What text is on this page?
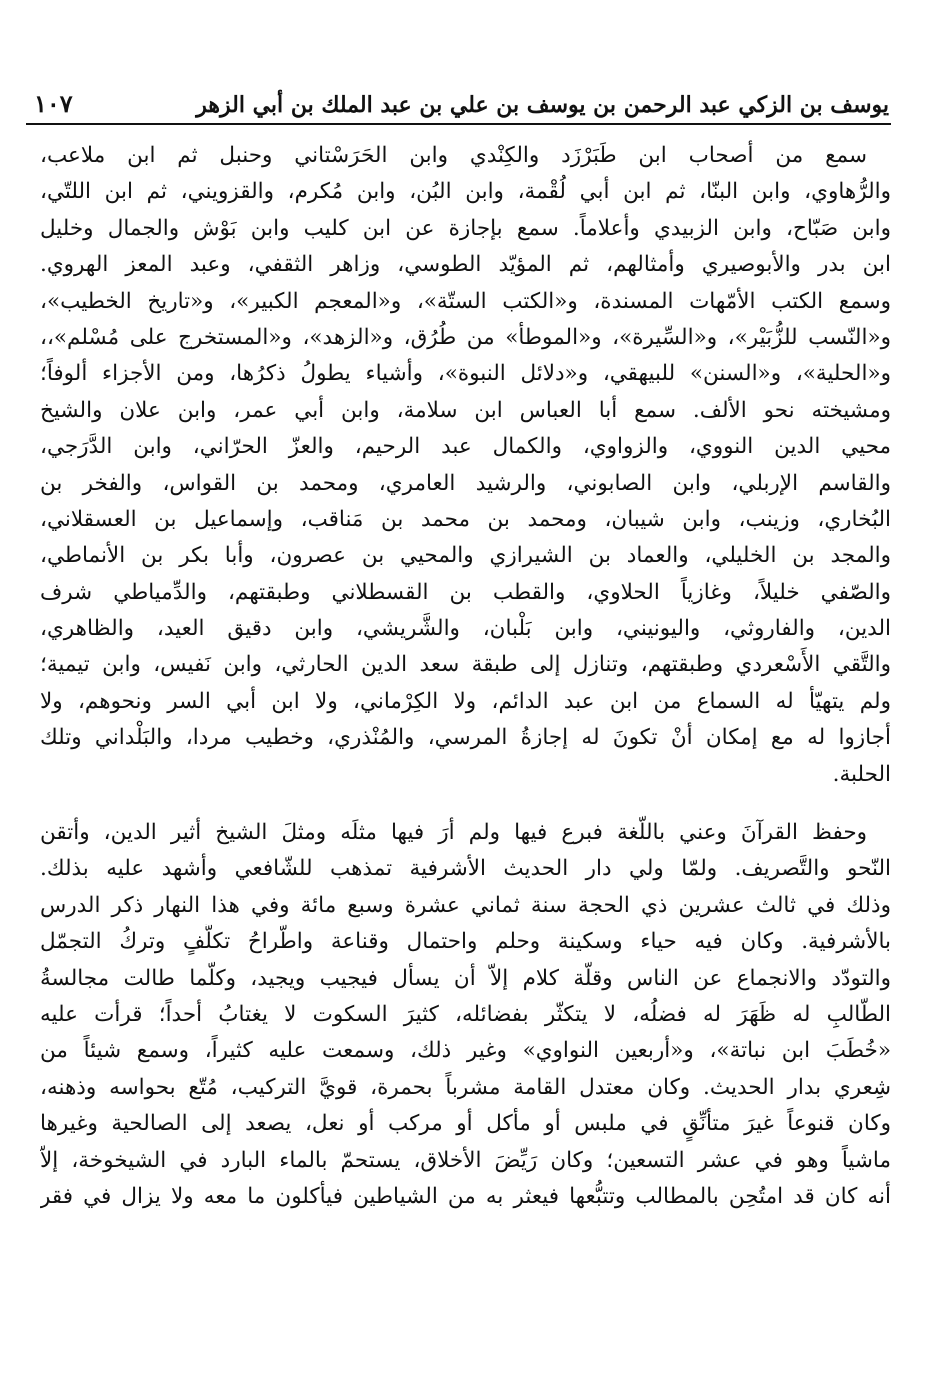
يوسف بن الزكي عبد الرحمن بن يوسف بن علي بن عبد الملك بن أبي الزهر
١٠٧
سمع من أصحاب ابن طَبَرْزَد والكِنْدي وابن الحَرَسْتاني وحنبل ثم ابن ملاعب،
والرُّهاوي، وابن البنّا، ثم ابن أبي لُقْمة، وابن البُن، وابن مُكرم، والقزويني، ثم ابن اللتّي،
وابن صَبّاح، وابن الزبيدي وأعلاماً. سمع بإجازة عن ابن كليب وابن بَوْش والجمال وخليل
ابن بدر والأبوصيري وأمثالهم، ثم المؤيّد الطوسي، وزاهر الثقفي، وعبد المعز الهروي.
وسمع الكتب الأمّهات المسندة، و«الكتب الستّة»، و«المعجم الكبير»، و«تاريخ الخطيب»،
و«النّسب للزُّبَيْر»، و«السِّيرة»، و«الموطأ» من طُرُق، و«الزهد»، و«المستخرج على مُسْلم»،،
و«الحلية»، و«السنن» للبيهقي، و«دلائل النبوة»، وأشياء يطولُ ذكرُها، ومن الأجزاء ألوفاً؛
ومشيخته نحو الألف. سمع أبا العباس ابن سلامة، وابن أبي عمر، وابن علان والشيخ
محيي الدين النووي، والزواوي، والكمال عبد الرحيم، والعزّ الحرّاني، وابن الدَّرَجي،
والقاسم الإربلي، وابن الصابوني، والرشيد العامري، ومحمد بن القواس، والفخر بن
البُخاري، وزينب، وابن شيبان، ومحمد بن محمد بن مَناقب، وإسماعيل بن العسقلاني،
والمجد بن الخليلي، والعماد بن الشيرازي والمحيي بن عصرون، وأبا بكر بن الأنماطي،
والصّفي خليلاً، وغازياً الحلاوي، والقطب بن القسطلاني وطبقتهم، والدِّمياطي شرف
الدين، والفاروثي، واليونيني، وابن بَلْبان، والشَّريشي، وابن دقيق العيد، والظاهري،
والتَّقي الأَسْعردي وطبقتهم، وتنازل إلى طبقة سعد الدين الحارثي، وابن نَفيس، وابن تيمية؛
ولم يتهيّأ له السماع من ابن عبد الدائم، ولا الكِرْماني، ولا ابن أبي السر ونحوهم، ولا
أجازوا له مع إمكان أنْ تكونَ له إجازةُ المرسي، والمُنْذري، وخطيب مردا، والبَلْداني وتلك
الحلبة.
وحفظ القرآنَ وعني باللّغة فبرع فيها ولم أرَ فيها مثلَه ومثلَ الشيخ أثير الدين، وأتقن
النّحو والتَّصريف. ولمّا ولي دار الحديث الأشرفية تمذهب للشّافعي وأشهد عليه بذلك.
وذلك في ثالث عشرين ذي الحجة سنة ثماني عشرة وسبع مائة وفي هذا النهار ذكر الدرس
بالأشرفية. وكان فيه حياء وسكينة وحلم واحتمال وقناعة واطّراحُ تكلُّفٍ وتركُ التجمّل
والتودّد والانجماع عن الناس وقلّة كلام إلاّ أن يسأل فيجيب ويجيد، وكلّما طالت مجالسةُ
الطّالبِ له ظَهَرَ له فضلُه، لا يتكثّر بفضائله، كثيرَ السكوت لا يغتابُ أحداً؛ قرأت عليه
«خُطَبَ ابن نباتة»، و«أربعين النواوي» وغير ذلك، وسمعت عليه كثيراً، وسمع شيئاً من
شِعري بدار الحديث. وكان معتدل القامة مشرباً بحمرة، قويَّ التركيب، مُتّع بحواسه وذهنه،
وكان قنوعاً غيرَ متأنِّقٍ في ملبس أو مأكل أو مركب أو نعل، يصعد إلى الصالحية وغيرها
ماشياً وهو في عشر التسعين؛ وكان رَيِّضَ الأخلاق، يستحمّ بالماء البارد في الشيخوخة، إلاّ
أنه كان قد امتُحِن بالمطالب وتتبُّعها فيعثر به من الشياطين فيأكلون ما معه ولا يزال في فقر
